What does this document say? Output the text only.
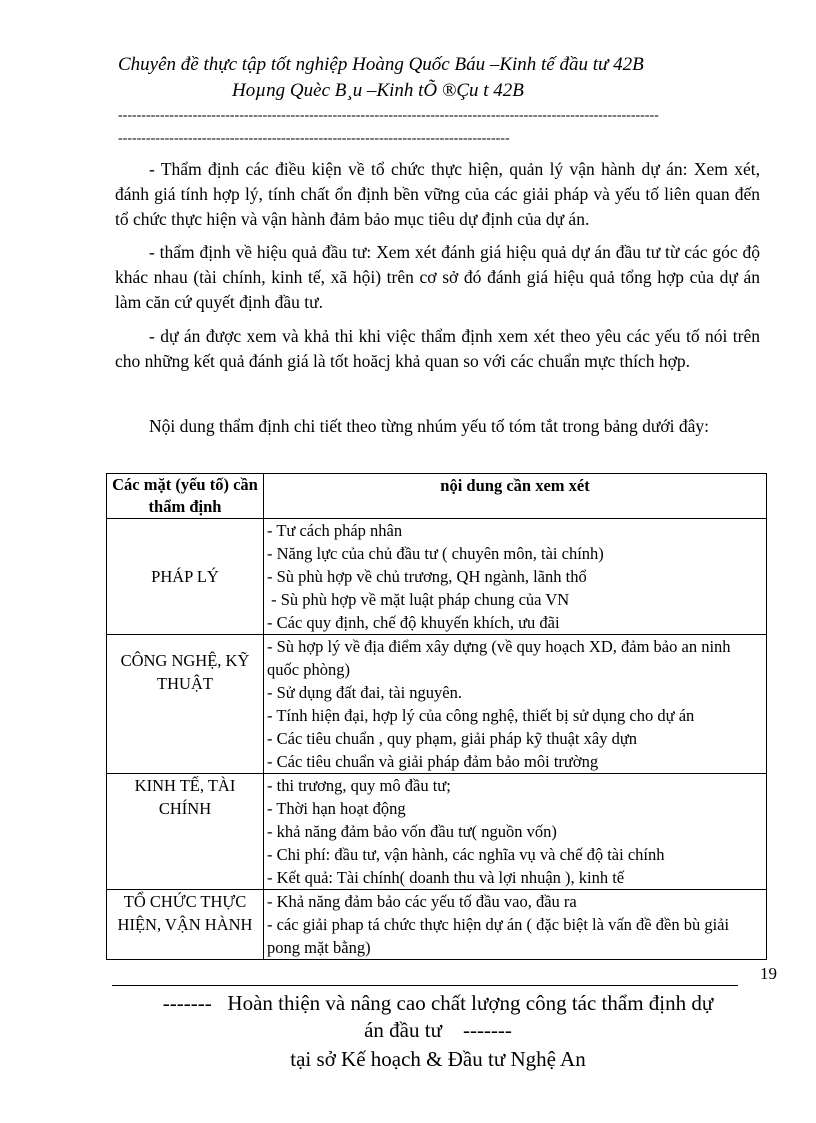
Chuyên đề thực tập tốt nghiệp Hoàng Quốc Báu –Kinh tế đầu tư 42B
Hoµng Quèc B¸u –Kinh tÕ ®Çu t 42B
--------------------------------------------------------------------------------------------------------------------
------------------------------------------------------------------------------------

- Thẩm định các điều kiện về tổ chức thực hiện, quản lý vận hành dự án: Xem xét, đánh giá tính hợp lý, tính chất ổn định bền vững của các giải pháp và yếu tố liên quan đến tổ chức thực hiện và vận hành đảm bảo mục tiêu dự định của dự án.

- thẩm định về hiệu quả đầu tư: Xem xét đánh giá hiệu quả dự án đầu tư từ các góc độ khác nhau (tài chính, kinh tế, xã hội) trên cơ sở đó đánh giá hiệu quả tổng hợp của dự án làm căn cứ quyết định đầu tư.

- dự án được xem và khả thi khi việc thẩm định xem xét theo yêu các yếu tố nói trên cho những kết quả đánh giá là tốt hoăcj khả quan so với các chuẩn mực thích hợp.

Nội dung thẩm định chi tiết theo từng nhúm yếu tố tóm tắt trong bảng dưới đây:

Các mặt (yếu tố) cần thẩm định	nội dung cần xem xét
PHÁP LÝ	- Tư cách pháp nhân
- Năng lực của chủ đầu tư ( chuyên môn, tài chính)
- Sù phù hợp về chủ trương, QH ngành, lãnh thổ
- Sù phù hợp về mặt luật pháp chung của VN
- Các quy định, chế độ khuyến khích, ưu đãi

CÔNG NGHỆ, KỸ THUẬT	- Sù hợp lý về địa điểm xây dựng (về quy hoạch XD, đảm bảo an ninh quốc phòng)
- Sử dụng đất đai, tài nguyên.
- Tính hiện đại, hợp lý của công nghệ, thiết bị sử dụng cho dự án
- Các tiêu chuẩn , quy phạm, giải pháp kỹ thuật xây dựn
- Các tiêu chuẩn và giải pháp đảm bảo môi trường

KINH TẾ, TÀI CHÍNH	- thi trương, quy mô đầu tư;
- Thời hạn hoạt động
- khả năng đảm bảo vốn đầu tư( nguồn vốn)
- Chi phí: đầu tư, vận hành, các nghĩa vụ và chế độ tài chính
- Kết quả: Tài chính( doanh thu và lợi nhuận ), kinh tế

TỔ CHỨC THỰC HIỆN, VẬN HÀNH	- Khả năng đảm bảo các yếu tố đầu vao, đầu ra
- các giải phap tá chức thực hiện dự án ( đặc biệt là vấn đề đền bù giải pong mặt bằng)
19
-------   Hoàn thiện và nâng cao chất lượng công tác thẩm định dự
án đầu tư    -------
tại sở Kế hoạch & Đầu tư Nghệ An
